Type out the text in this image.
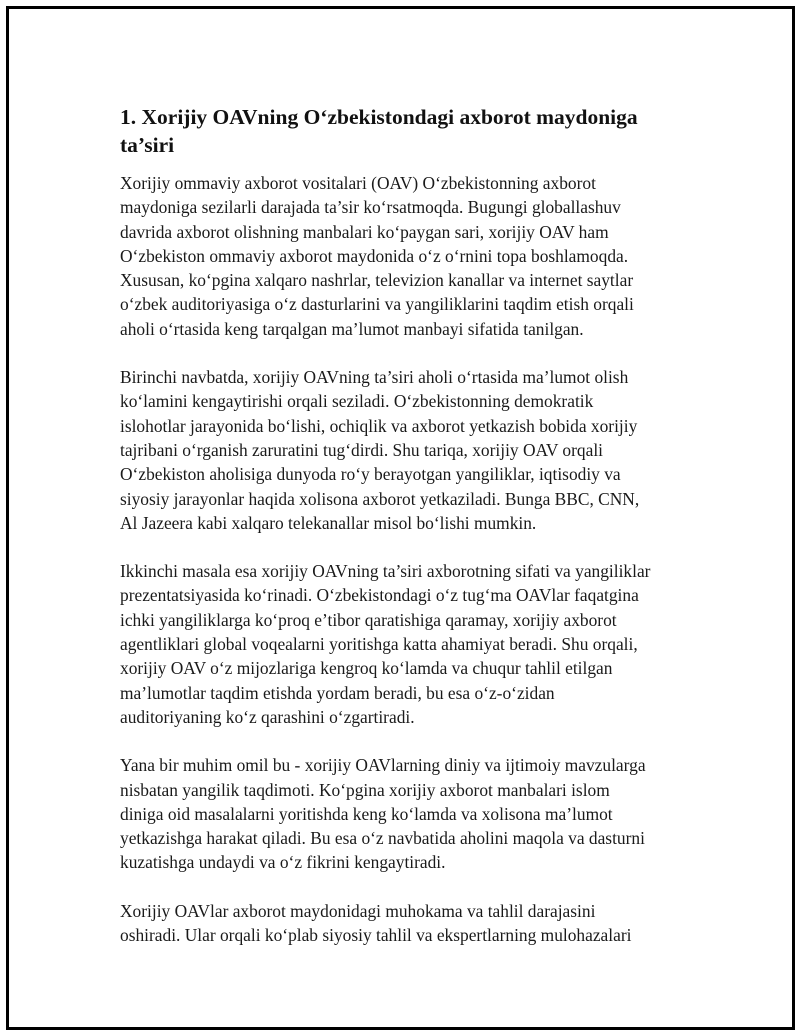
1. Xorijiy OAVning O‘zbekistondagi axborot maydoniga
ta’siri

Xorijiy ommaviy axborot vositalari (OAV) O‘zbekistonning axborot
maydoniga sezilarli darajada ta’sir ko‘rsatmoqda. Bugungi globallashuv
davrida axborot olishning manbalari ko‘paygan sari, xorijiy OAV ham
O‘zbekiston ommaviy axborot maydonida o‘z o‘rnini topa boshlamoqda.
Xususan, ko‘pgina xalqaro nashrlar, televizion kanallar va internet saytlar
o‘zbek auditoriyasiga o‘z dasturlarini va yangiliklarini taqdim etish orqali
aholi o‘rtasida keng tarqalgan ma’lumot manbayi sifatida tanilgan.

Birinchi navbatda, xorijiy OAVning ta’siri aholi o‘rtasida ma’lumot olish
ko‘lamini kengaytirishi orqali seziladi. O‘zbekistonning demokratik
islohotlar jarayonida bo‘lishi, ochiqlik va axborot yetkazish bobida xorijiy
tajribani o‘rganish zaruratini tug‘dirdi. Shu tariqa, xorijiy OAV orqali
O‘zbekiston aholisiga dunyoda ro‘y berayotgan yangiliklar, iqtisodiy va
siyosiy jarayonlar haqida xolisona axborot yetkaziladi. Bunga BBC, CNN,
Al Jazeera kabi xalqaro telekanallar misol bo‘lishi mumkin.

Ikkinchi masala esa xorijiy OAVning ta’siri axborotning sifati va yangiliklar
prezentatsiyasida ko‘rinadi. O‘zbekistondagi o‘z tug‘ma OAVlar faqatgina
ichki yangiliklarga ko‘proq e’tibor qaratishiga qaramay, xorijiy axborot
agentliklari global voqealarni yoritishga katta ahamiyat beradi. Shu orqali,
xorijiy OAV o‘z mijozlariga kengroq ko‘lamda va chuqur tahlil etilgan
ma’lumotlar taqdim etishda yordam beradi, bu esa o‘z-o‘zidan
auditoriyaning ko‘z qarashini o‘zgartiradi.

Yana bir muhim omil bu - xorijiy OAVlarning diniy va ijtimoiy mavzularga
nisbatan yangilik taqdimoti. Ko‘pgina xorijiy axborot manbalari islom
diniga oid masalalarni yoritishda keng ko‘lamda va xolisona ma’lumot
yetkazishga harakat qiladi. Bu esa o‘z navbatida aholini maqola va dasturni
kuzatishga undaydi va o‘z fikrini kengaytiradi.

Xorijiy OAVlar axborot maydonidagi muhokama va tahlil darajasini
oshiradi. Ular orqali ko‘plab siyosiy tahlil va ekspertlarning mulohazalari
